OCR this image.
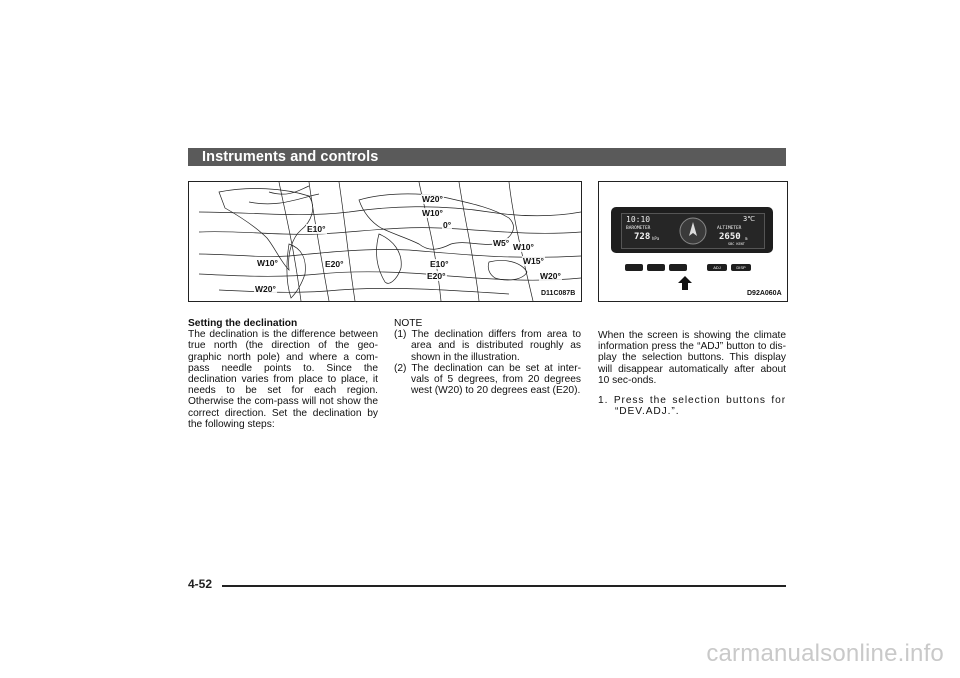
Instruments and controls
E10°
W20°
W10°
0°
W5° W10°
W15°
W10°	E20°	E10°
E20°	W20°
W20°	D11C087B
10:10	3℃
BAROMETER
728 hPa
ALTIMETER
2650 m
SBC KENT
ADJ	DISP
D92A060A

Setting the declination

The declination is the difference between true north (the direction of the geo-graphic north pole) and where a com-pass needle points to. Since the declination varies from place to place, it needs to be set for each region. Otherwise the com-pass will not show the correct direction. Set the declination by the following steps:

NOTE

(1) The declination differs from area to area and is distributed roughly as shown in the illustration.

(2) The declination can be set at inter-vals of 5 degrees, from 20 degrees west (W20) to 20 degrees east (E20).

When the screen is showing the climate information press the “ADJ” button to dis-play the selection buttons. This display will disappear automatically after about 10 sec-onds.

1. Press the selection buttons for “DEV.ADJ.”.

4-52
carmanualsonline.info
